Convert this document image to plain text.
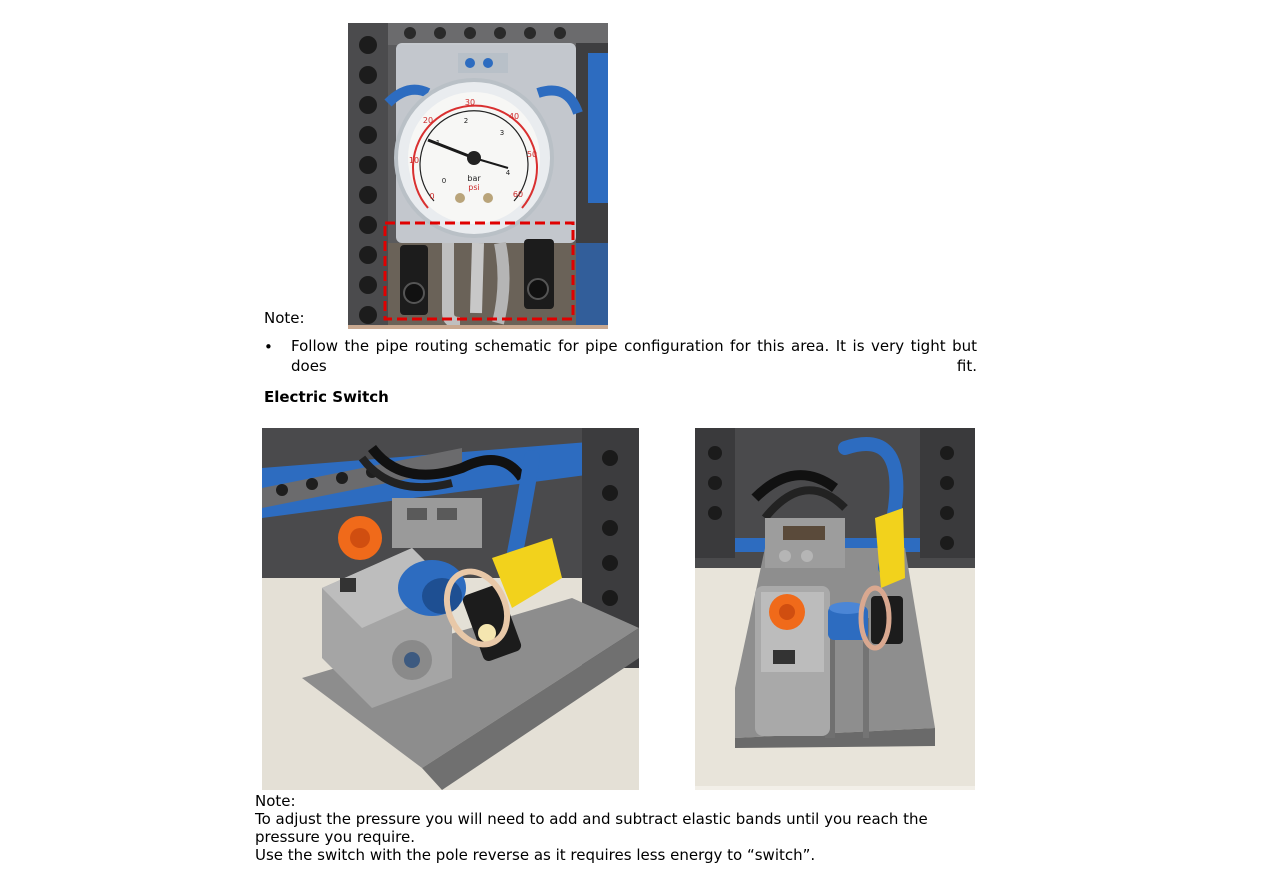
0
10
20
30
40
50
60
0
2
3
4
bar
psi
Note:
• Follow the pipe routing schematic for pipe configuration for this area. It is very tight but does fit.
Electric Switch
Note:
To adjust the pressure you will need to add and subtract elastic bands until you reach the
pressure you require.
Use the switch with the pole reverse as it requires less energy to “switch”.
